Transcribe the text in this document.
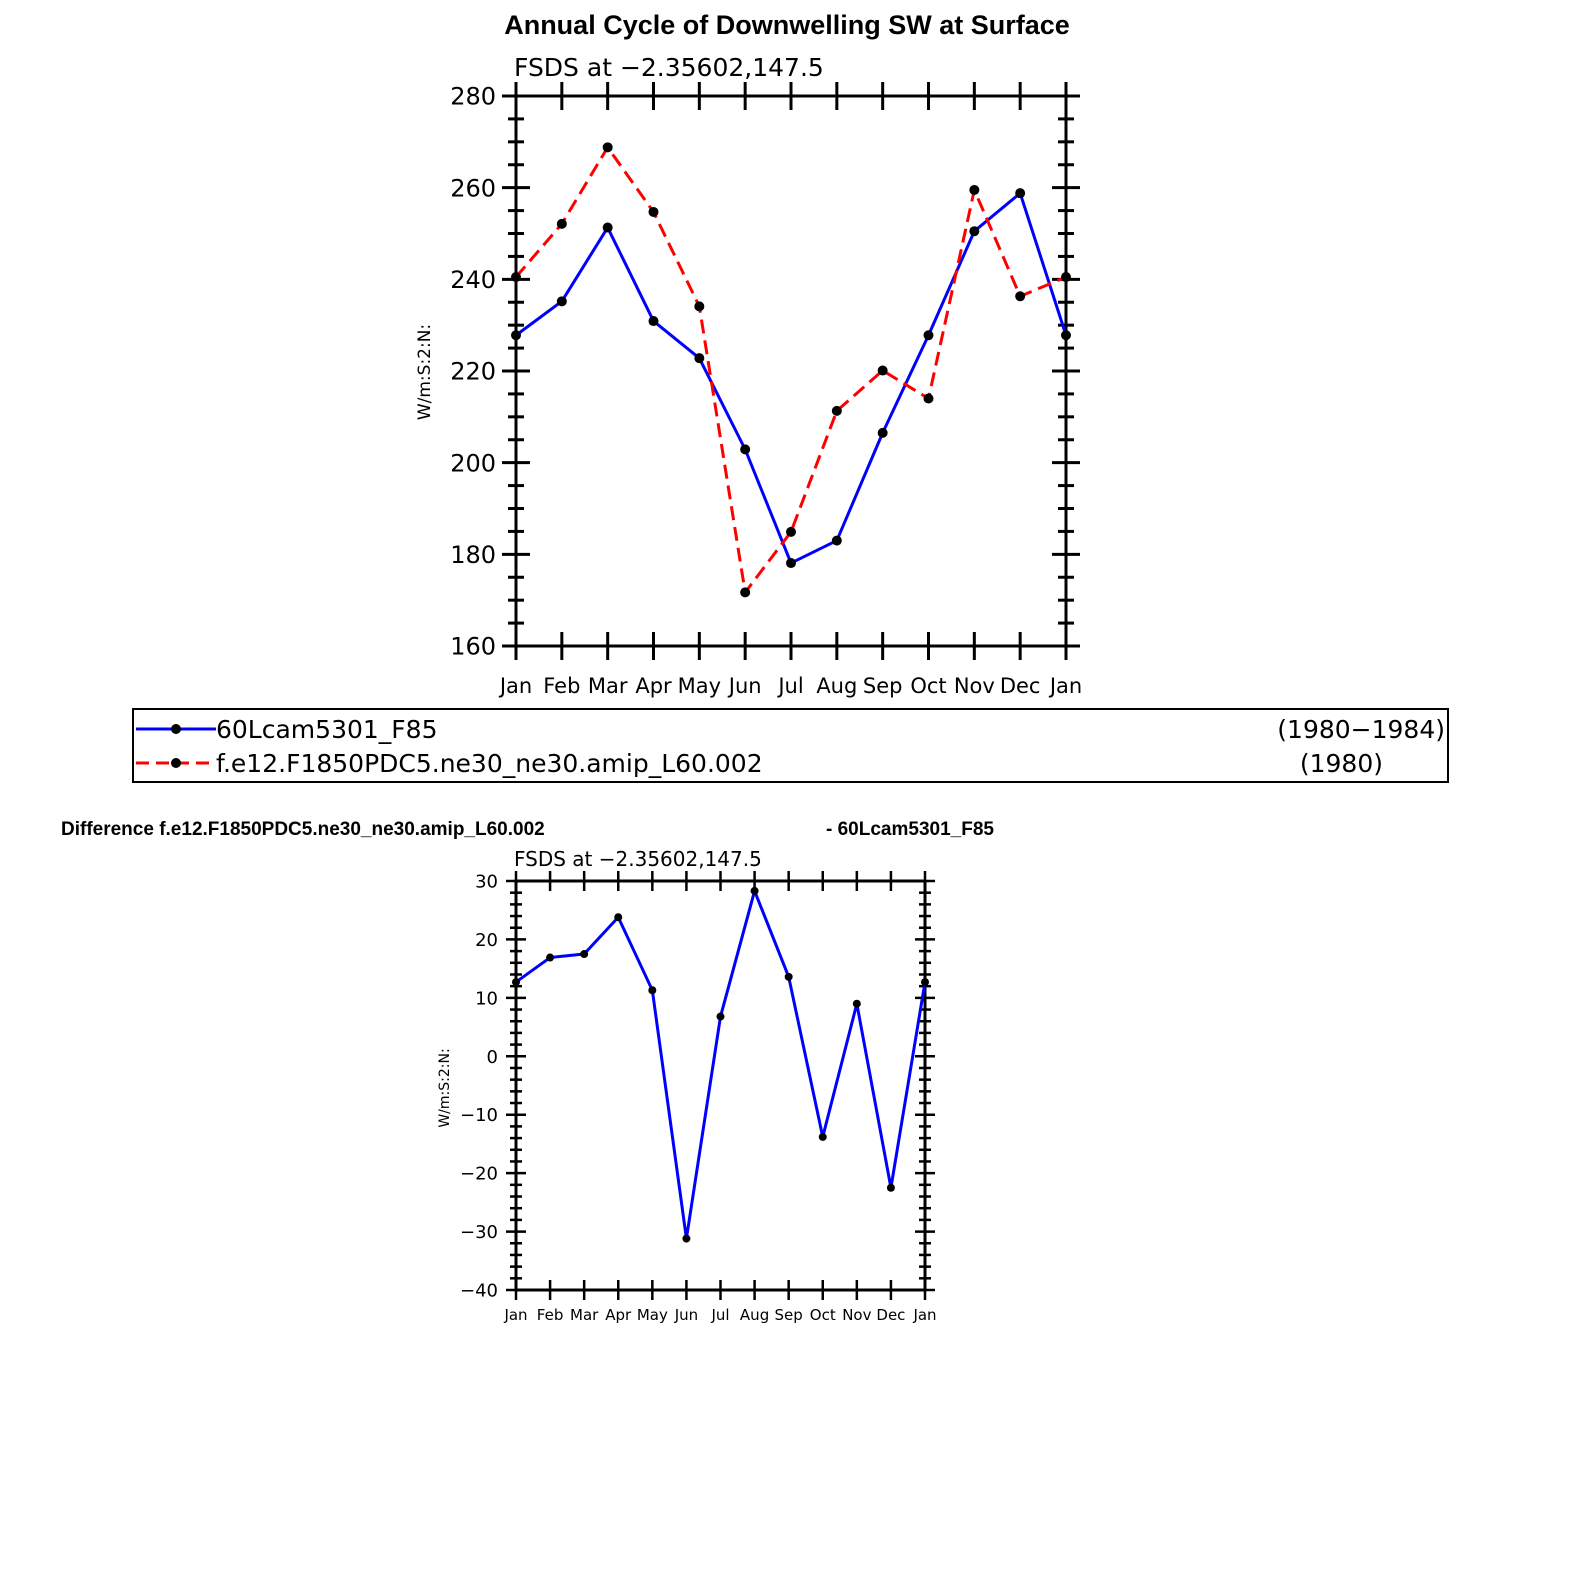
Annual Cycle of Downwelling SW at Surface
FSDS at −2.35602,147.5
W/m:S:2:N:
160
180
200
220
240
260
280
Jan Feb Mar Apr May Jun Jul Aug Sep Oct Nov Dec Jan
60Lcam5301_F85	(1980−1984)
f.e12.F1850PDC5.ne30_ne30.amip_L60.002	(1980)
Difference f.e12.F1850PDC5.ne30_ne30.amip_L60.002	- 60Lcam5301_F85
FSDS at −2.35602,147.5
W/m:S:2:N:
−40
−30
−20
−10
0
10
20
30
Jan Feb Mar Apr May Jun Jul Aug Sep Oct Nov Dec Jan
